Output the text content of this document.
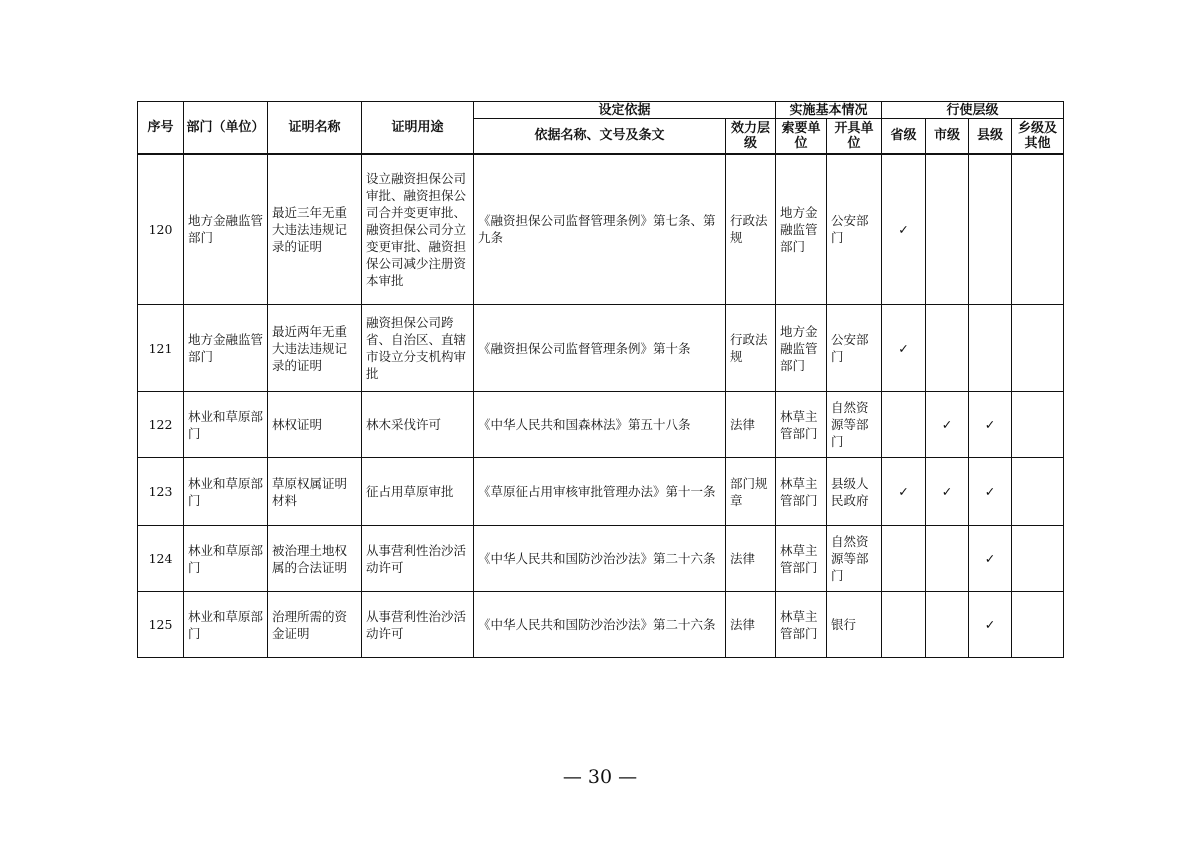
序号	部门（单位）	证明名称	证明用途	设定依据		实施基本情况		行使层级			
				依据名称、文号及条文	效力层级	索要单位	开具单位	省级	市级	县级	乡级及其他
120	地方金融监管部门	最近三年无重大违法违规记录的证明	设立融资担保公司审批、融资担保公司合并变更审批、融资担保公司分立变更审批、融资担保公司减少注册资本审批	《融资担保公司监督管理条例》第七条、第九条	行政法规	地方金融监管部门	公安部门	✓			
121	地方金融监管部门	最近两年无重大违法违规记录的证明	融资担保公司跨省、自治区、直辖市设立分支机构审批	《融资担保公司监督管理条例》第十条	行政法规	地方金融监管部门	公安部门	✓			
122	林业和草原部门	林权证明	林木采伐许可	《中华人民共和国森林法》第五十八条	法律	林草主管部门	自然资源等部门		✓	✓	
123	林业和草原部门	草原权属证明材料	征占用草原审批	《草原征占用审核审批管理办法》第十一条	部门规章	林草主管部门	县级人民政府	✓	✓	✓	
124	林业和草原部门	被治理土地权属的合法证明	从事营利性治沙活动许可	《中华人民共和国防沙治沙法》第二十六条	法律	林草主管部门	自然资源等部门			✓	
125	林业和草原部门	治理所需的资金证明	从事营利性治沙活动许可	《中华人民共和国防沙治沙法》第二十六条	法律	林草主管部门	银行			✓	
— 30 —
